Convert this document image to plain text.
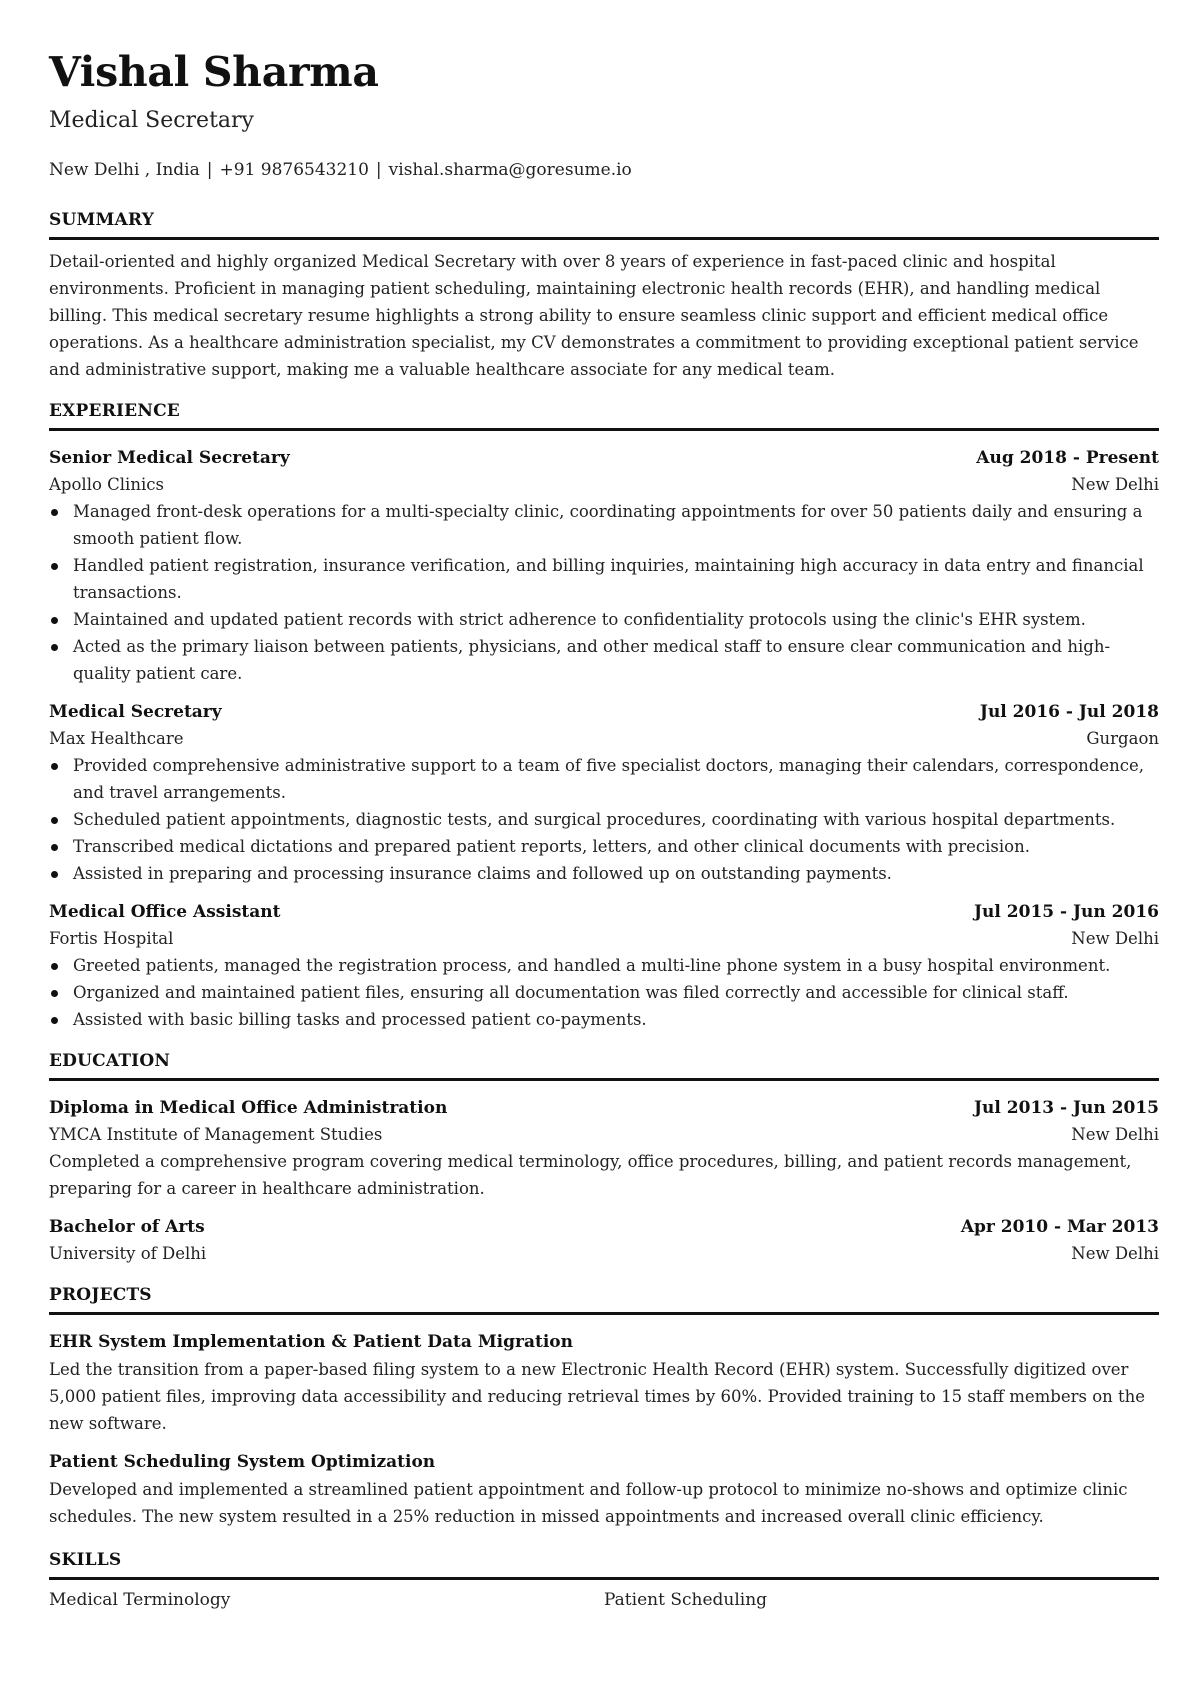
Vishal Sharma
Medical Secretary
New Delhi , India | +91 9876543210 | vishal.sharma@goresume.io
SUMMARY

Detail-oriented and highly organized Medical Secretary with over 8 years of experience in fast-paced clinic and hospital environments. Proficient in managing patient scheduling, maintaining electronic health records (EHR), and handling medical billing. This medical secretary resume highlights a strong ability to ensure seamless clinic support and efficient medical office operations. As a healthcare administration specialist, my CV demonstrates a commitment to providing exceptional patient service and administrative support, making me a valuable healthcare associate for any medical team.

EXPERIENCE
Senior Medical Secretary	Aug 2018 - Present
Apollo Clinics	New Delhi
Managed front-desk operations for a multi-specialty clinic, coordinating appointments for over 50 patients daily and ensuring a smooth patient flow.
Handled patient registration, insurance verification, and billing inquiries, maintaining high accuracy in data entry and financial transactions.
Maintained and updated patient records with strict adherence to confidentiality protocols using the clinic's EHR system.
Acted as the primary liaison between patients, physicians, and other medical staff to ensure clear communication and high-quality patient care.
Medical Secretary	Jul 2016 - Jul 2018
Max Healthcare	Gurgaon
Provided comprehensive administrative support to a team of five specialist doctors, managing their calendars, correspondence, and travel arrangements.
Scheduled patient appointments, diagnostic tests, and surgical procedures, coordinating with various hospital departments.
Transcribed medical dictations and prepared patient reports, letters, and other clinical documents with precision.
Assisted in preparing and processing insurance claims and followed up on outstanding payments.
Medical Office Assistant	Jul 2015 - Jun 2016
Fortis Hospital	New Delhi
Greeted patients, managed the registration process, and handled a multi-line phone system in a busy hospital environment.
Organized and maintained patient files, ensuring all documentation was filed correctly and accessible for clinical staff.
Assisted with basic billing tasks and processed patient co-payments.
EDUCATION
Diploma in Medical Office Administration	Jul 2013 - Jun 2015
YMCA Institute of Management Studies	New Delhi

Completed a comprehensive program covering medical terminology, office procedures, billing, and patient records management, preparing for a career in healthcare administration.

Bachelor of Arts	Apr 2010 - Mar 2013
University of Delhi	New Delhi
PROJECTS
EHR System Implementation & Patient Data Migration

Led the transition from a paper-based filing system to a new Electronic Health Record (EHR) system. Successfully digitized over 5,000 patient files, improving data accessibility and reducing retrieval times by 60%. Provided training to 15 staff members on the new software.

Patient Scheduling System Optimization

Developed and implemented a streamlined patient appointment and follow-up protocol to minimize no-shows and optimize clinic schedules. The new system resulted in a 25% reduction in missed appointments and increased overall clinic efficiency.

SKILLS
Medical Terminology	Patient Scheduling
